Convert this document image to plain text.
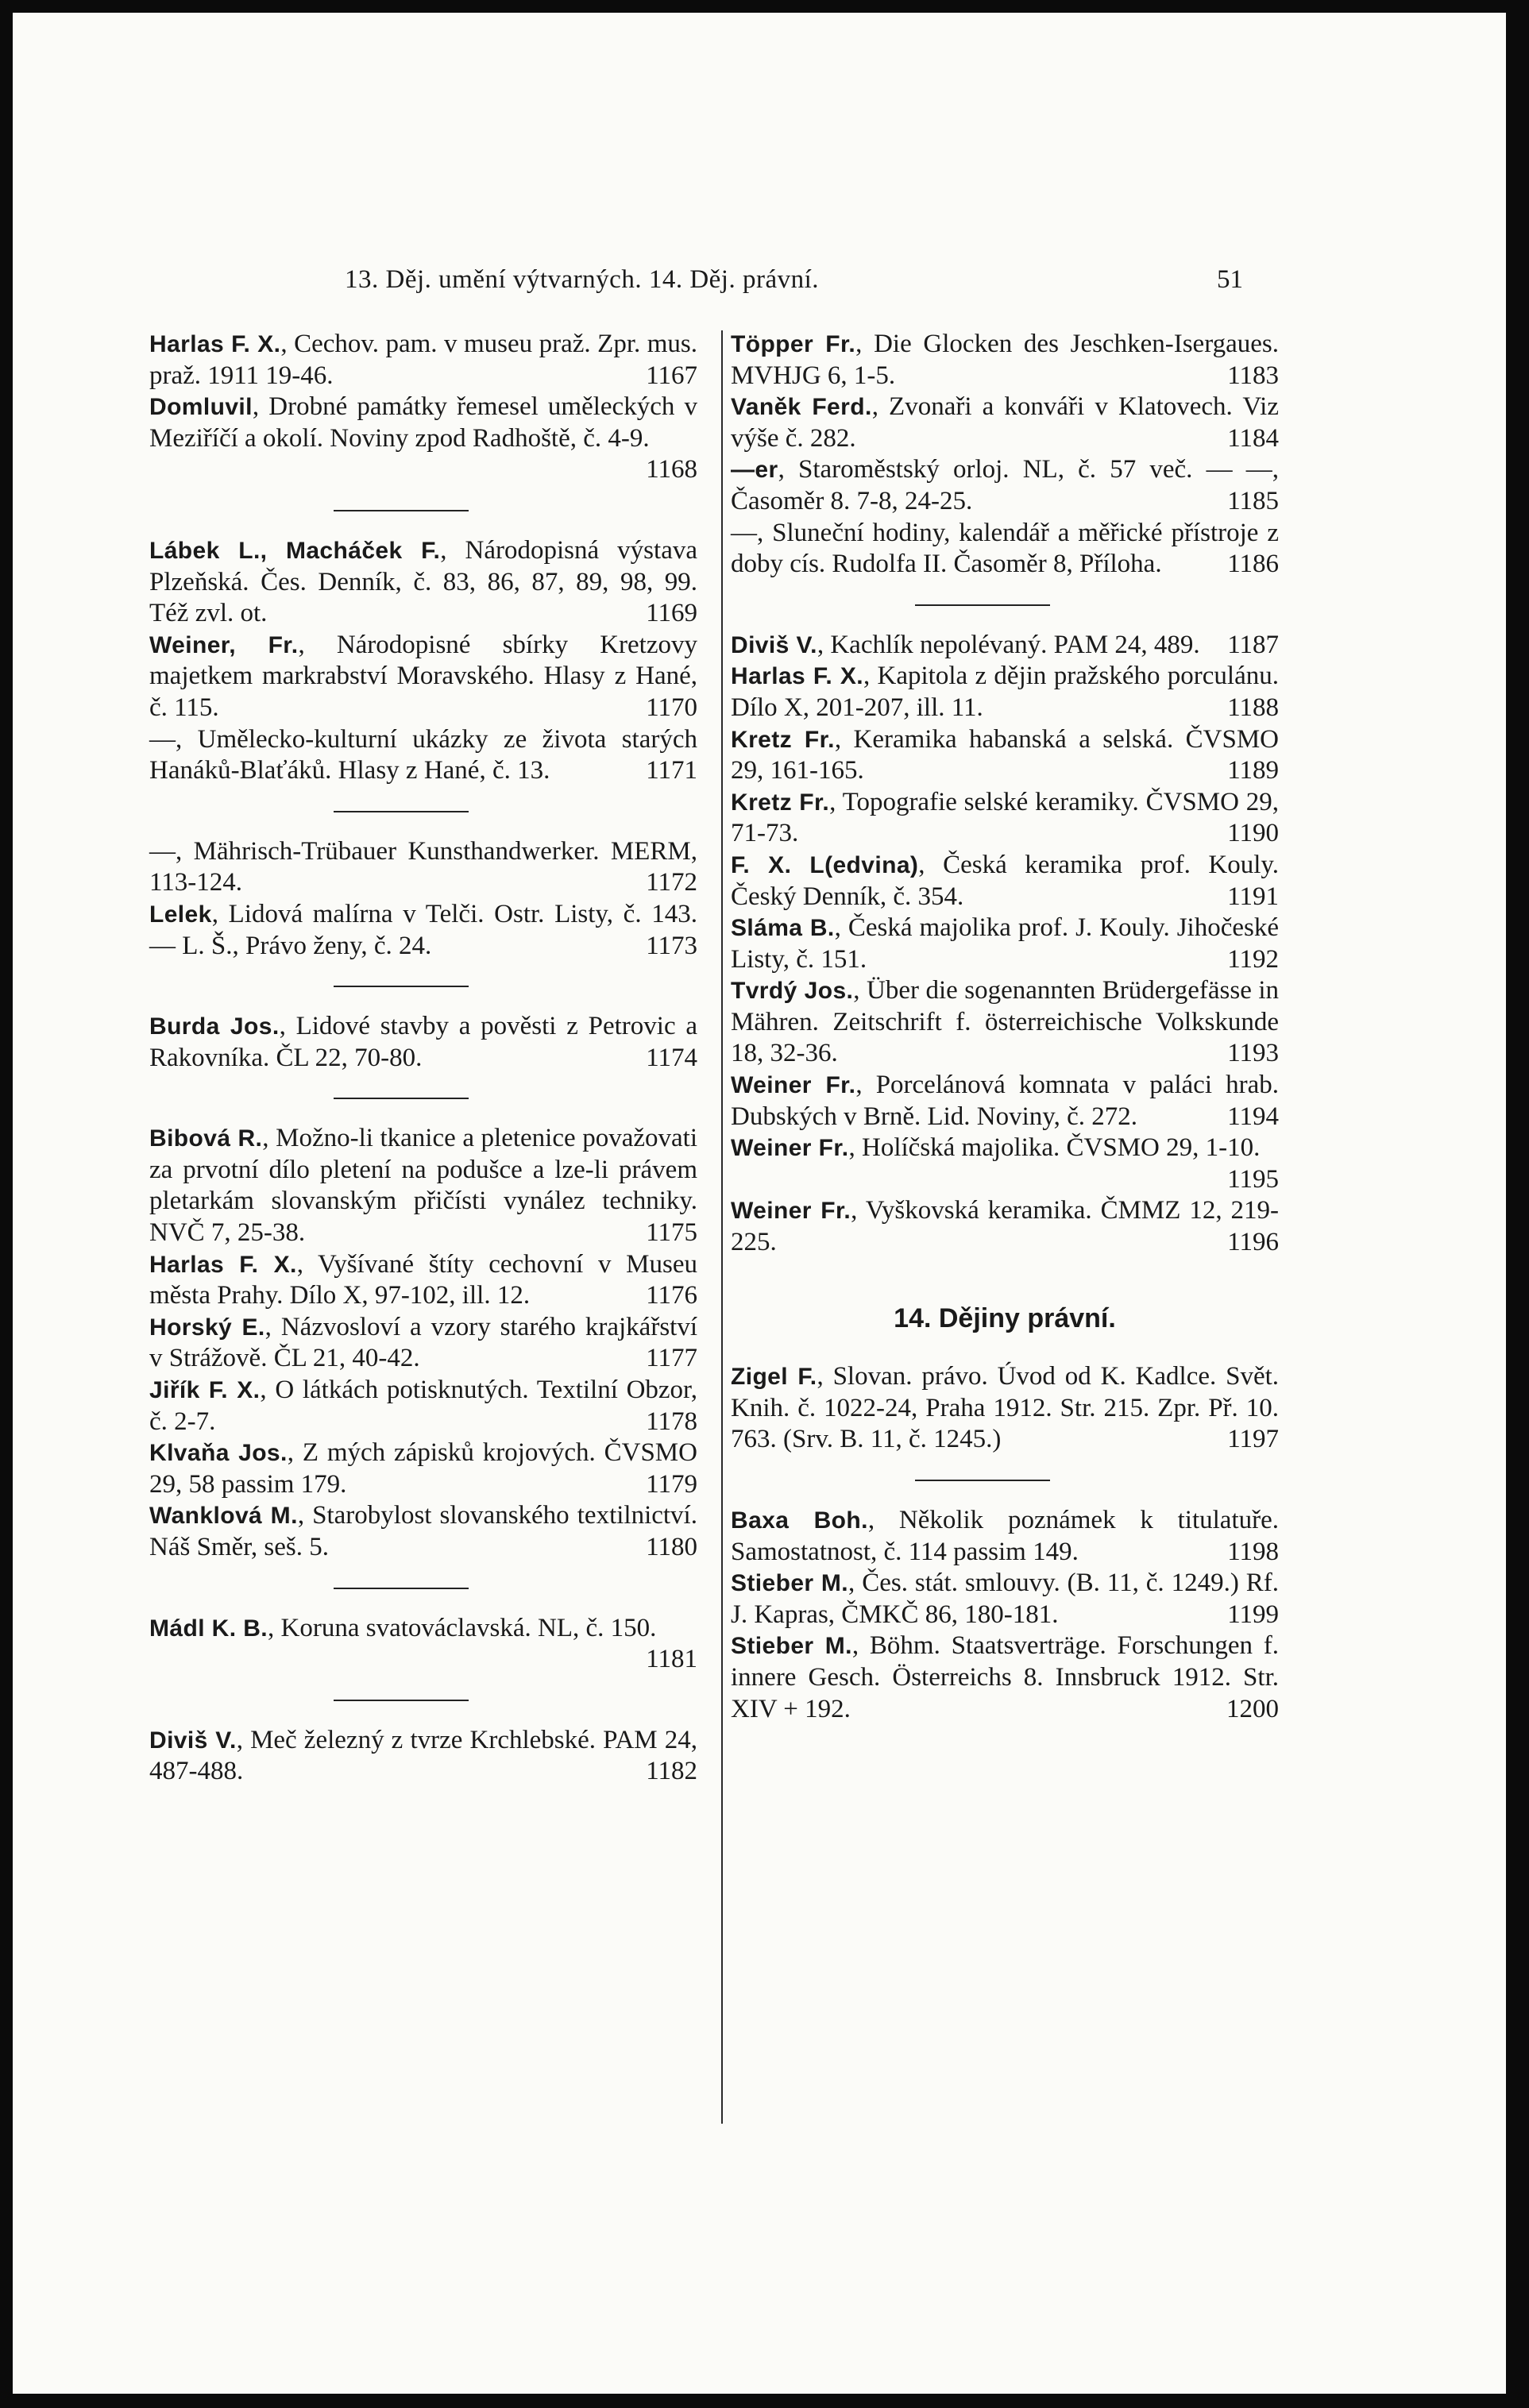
13. Děj. umění výtvarných. 14. Děj. právní.	51

Harlas F. X., Cechov. pam. v museu praž. Zpr. mus. praž. 1911 19-46.	1167

Domluvil, Drobné památky řemesel uměleckých v Meziříčí a okolí. Noviny zpod Radhoště, č. 4-9.
1168

Lábek L., Macháček F., Národopisná výstava Plzeňská. Čes. Denník, č. 83, 86, 87, 89, 98, 99. Též zvl. ot.	1169

Weiner, Fr., Národopisné sbírky Kretzovy majetkem markrabství Moravského. Hlasy z Hané, č. 115.	1170

—, Umělecko-kulturní ukázky ze života starých Hanáků-Blaťáků. Hlasy z Hané, č. 13.	1171

—, Mährisch-Trübauer Kunsthandwerker. MERM, 113-124.	1172

Lelek, Lidová malírna v Telči. Ostr. Listy, č. 143. — L. Š., Právo ženy, č. 24.	1173

Burda Jos., Lidové stavby a pověsti z Petrovic a Rakovníka. ČL 22, 70-80.	1174

Bibová R., Možno-li tkanice a pletenice považovati za prvotní dílo pletení na podušce a lze-li právem pletarkám slovanským přičísti vynález techniky. NVČ 7, 25-38.	1175

Harlas F. X., Vyšívané štíty cechovní v Museu města Prahy. Dílo X, 97-102, ill. 12.	1176

Horský E., Názvosloví a vzory starého krajkářství v Strážově. ČL 21, 40-42.	1177

Jiřík F. X., O látkách potisknutých. Textilní Obzor, č. 2-7.	1178

Klvaňa Jos., Z mých zápisků krojových. ČVSMO 29, 58 passim 179.	1179

Wanklová M., Starobylost slovanského textilnictví. Náš Směr, seš. 5.	1180

Mádl K. B., Koruna svatováclavská. NL, č. 150.
1181

Diviš V., Meč železný z tvrze Krchlebské. PAM 24, 487-488.	1182

Töpper Fr., Die Glocken des Jeschken-Isergaues. MVHJG 6, 1-5.	1183

Vaněk Ferd., Zvonaři a konváři v Klatovech. Viz výše č. 282.	1184

—er, Staroměstský orloj. NL, č. 57 več. — —, Časoměr 8. 7-8, 24-25.	1185

—, Sluneční hodiny, kalendář a měřické přístroje z doby cís. Rudolfa II. Časoměr 8, Příloha.	1186

Diviš V., Kachlík nepolévaný. PAM 24, 489. 1187

Harlas F. X., Kapitola z dějin pražského porculánu. Dílo X, 201-207, ill. 11.	1188

Kretz Fr., Keramika habanská a selská. ČVSMO 29, 161-165.	1189

Kretz Fr., Topografie selské keramiky. ČVSMO 29, 71-73.	1190

F. X. L(edvina), Česká keramika prof. Kouly. Český Denník, č. 354.	1191

Sláma B., Česká majolika prof. J. Kouly. Jihočeské Listy, č. 151.	1192

Tvrdý Jos., Über die sogenannten Brüdergefässe in Mähren. Zeitschrift f. österreichische Volkskunde 18, 32-36.	1193

Weiner Fr., Porcelánová komnata v paláci hrab. Dubských v Brně. Lid. Noviny, č. 272.	1194

Weiner Fr., Holíčská majolika. ČVSMO 29, 1-10.
1195

Weiner Fr., Vyškovská keramika. ČMMZ 12, 219-225.	1196

14. Dějiny právní.

Zigel F., Slovan. právo. Úvod od K. Kadlce. Svět. Knih. č. 1022-24, Praha 1912. Str. 215. Zpr. Př. 10. 763. (Srv. B. 11, č. 1245.)	1197

Baxa Boh., Několik poznámek k titulatuře. Samostatnost, č. 114 passim 149.	1198

Stieber M., Čes. stát. smlouvy. (B. 11, č. 1249.) Rf. J. Kapras, ČMKČ 86, 180-181.	1199

Stieber M., Böhm. Staatsverträge. Forschungen f. innere Gesch. Österreichs 8. Innsbruck 1912. Str. XIV + 192.	1200
